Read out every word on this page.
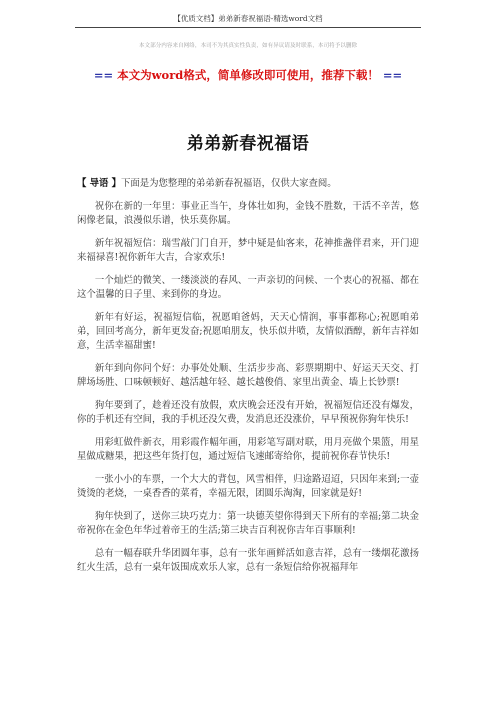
【优质文档】弟弟新春祝福语-精选word文档
本文部分内容来自网络，本司不为其真实性负责，如有异议请及时联系，本司将予以删除
== 本文为word格式，简单修改即可使用，推荐下载！ ==
弟弟新春祝福语

【 导语 】下面是为您整理的弟弟新春祝福语，仅供大家查阅。

祝你在新的一年里：事业正当午，身体壮如狗，金钱不胜数，干活不辛苦，悠闲像老鼠，浪漫似乐谱，快乐莫你属。

新年祝福短信：瑞雪敲门门自开，梦中疑是仙客来，花神推盏伴君来，开门迎来福禄喜!祝你新年大吉，合家欢乐!

一个灿烂的微笑、一缕淡淡的春风、一声亲切的问候、一个衷心的祝福、都在这个温馨的日子里、来到你的身边。

新年有好运，祝福短信临，祝愿咱爸妈，天天心情润，事事都称心;祝愿咱弟弟，回回考高分，新年更发奋;祝愿咱朋友，快乐似井喷，友情似酒醇，新年吉祥如意，生活幸福甜蜜!

新年到向你问个好：办事处处顺、生活步步高、彩票期期中、好运天天交、打牌场场胜、口味顿顿好、越活越年轻、越长越俊俏、家里出黄金、墙上长钞票!

狗年要到了，趁着还没有放假，欢庆晚会还没有开始，祝福短信还没有爆发，你的手机还有空间，我的手机还没欠费，发消息还没涨价，早早预祝你狗年快乐!

用彩虹做件新衣，用彩霞作幅年画，用彩笔写副对联，用月亮做个果篮，用星星做成糖果，把这些年货打包，通过短信飞速邮寄给你，提前祝你春节快乐!

一张小小的车票，一个大大的背包，风雪相伴，归途路迢迢，只因年来到;一壶烫烫的老烧，一桌香香的菜肴，幸福无限，团圆乐淘淘，回家就是好!

狗年快到了，送你三块巧克力：第一块德芙望你得到天下所有的幸福;第二块金帝祝你在金色年华过着帝王的生活;第三块吉百利祝你吉年百事顺利!

总有一幅春联升华团圆年事，总有一张年画鲜活如意吉祥，总有一缕烟花激扬红火生活，总有一桌年饭围成欢乐人家，总有一条短信给你祝福拜年
